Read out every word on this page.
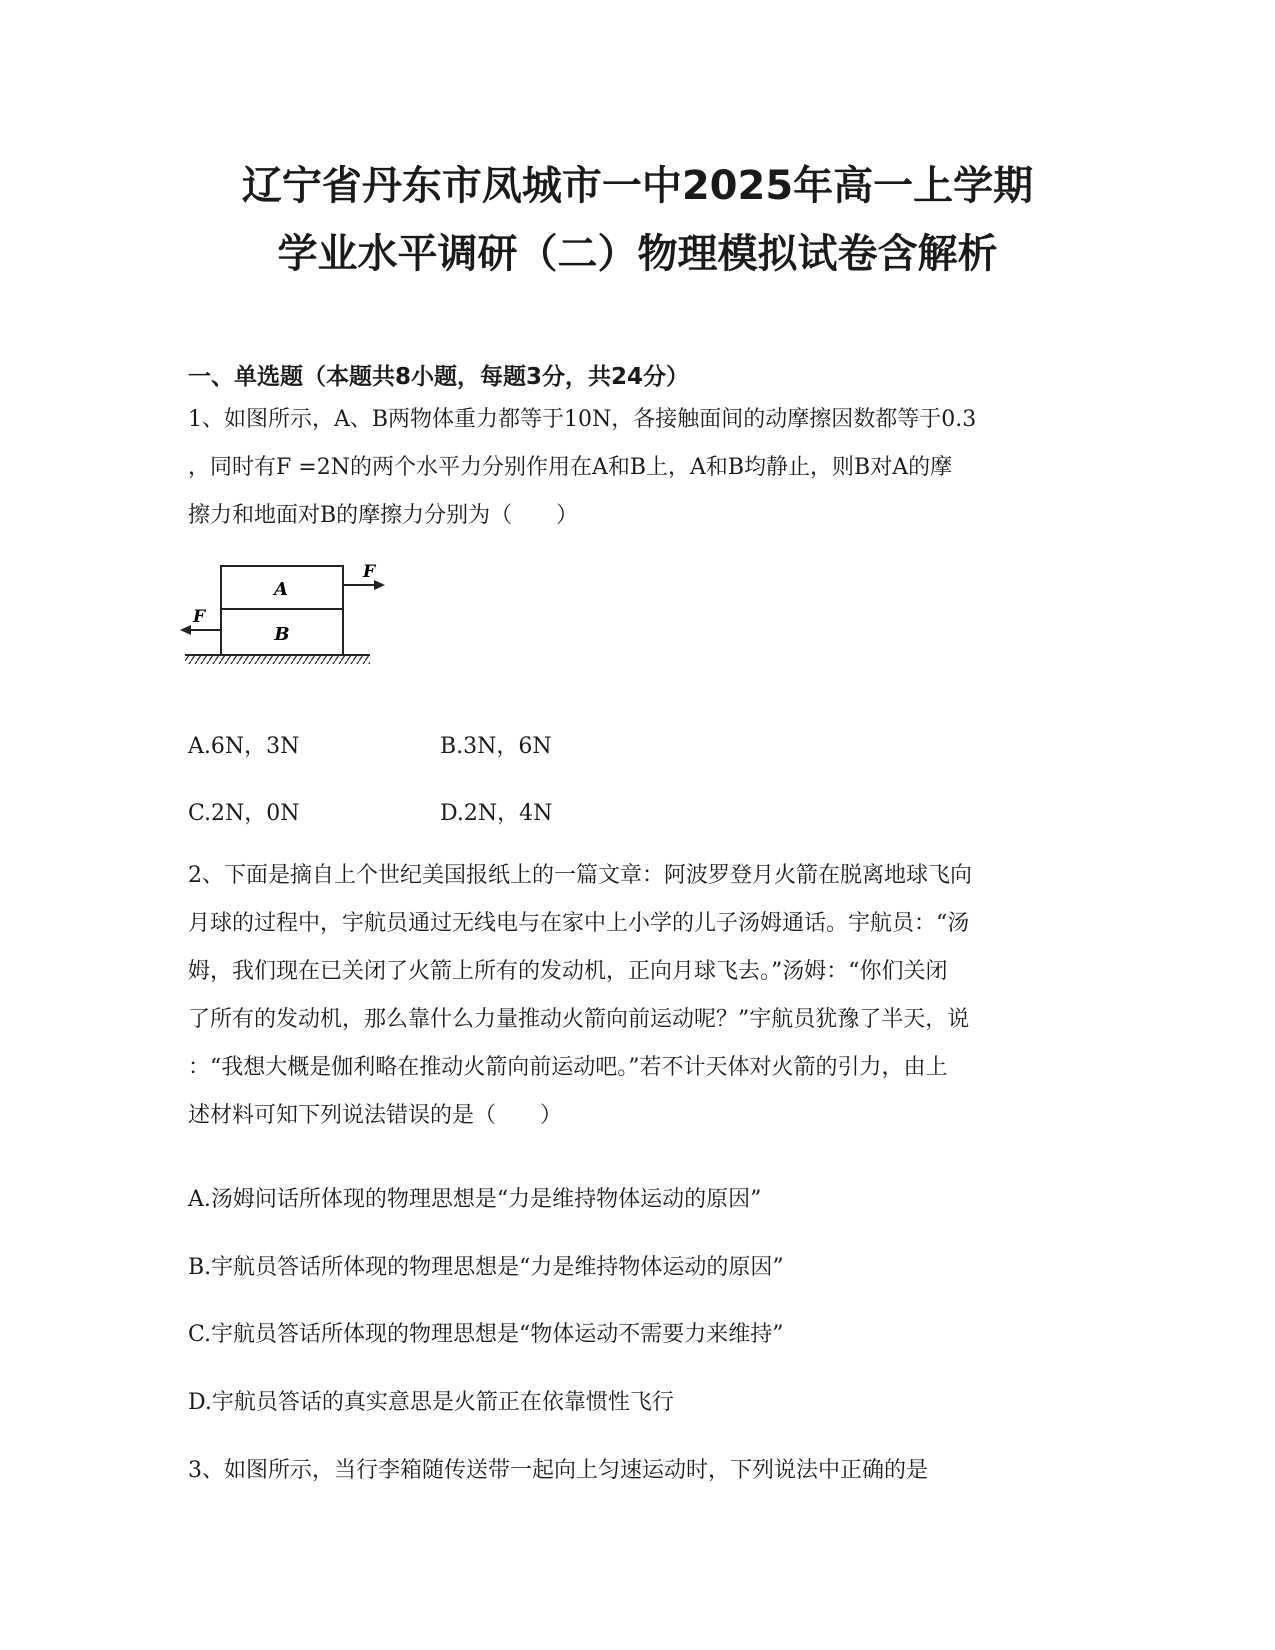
辽宁省丹东市凤城市一中2025年高一上学期
学业水平调研（二）物理模拟试卷含解析
一、单选题（本题共8小题，每题3分，共24分）
1、如图所示，A、B两物体重力都等于10N，各接触面间的动摩擦因数都等于0.3
，同时有F =2N的两个水平力分别作用在A和B上，A和B均静止，则B对A的摩
擦力和地面对B的摩擦力分别为（　　）
A
B
F
F

A.6N，3N	B.3N，6N

C.2N，0N	D.2N，4N

2、下面是摘自上个世纪美国报纸上的一篇文章：阿波罗登月火箭在脱离地球飞向
月球的过程中，宇航员通过无线电与在家中上小学的儿子汤姆通话。宇航员：“汤
姆，我们现在已关闭了火箭上所有的发动机，正向月球飞去。”汤姆：“你们关闭
了所有的发动机，那么靠什么力量推动火箭向前运动呢？”宇航员犹豫了半天，说
：“我想大概是伽利略在推动火箭向前运动吧。”若不计天体对火箭的引力，由上
述材料可知下列说法错误的是（　　）

A.汤姆问话所体现的物理思想是“力是维持物体运动的原因”

B.宇航员答话所体现的物理思想是“力是维持物体运动的原因”

C.宇航员答话所体现的物理思想是“物体运动不需要力来维持”

D.宇航员答话的真实意思是火箭正在依靠惯性飞行

3、如图所示，当行李箱随传送带一起向上匀速运动时，下列说法中正确的是
